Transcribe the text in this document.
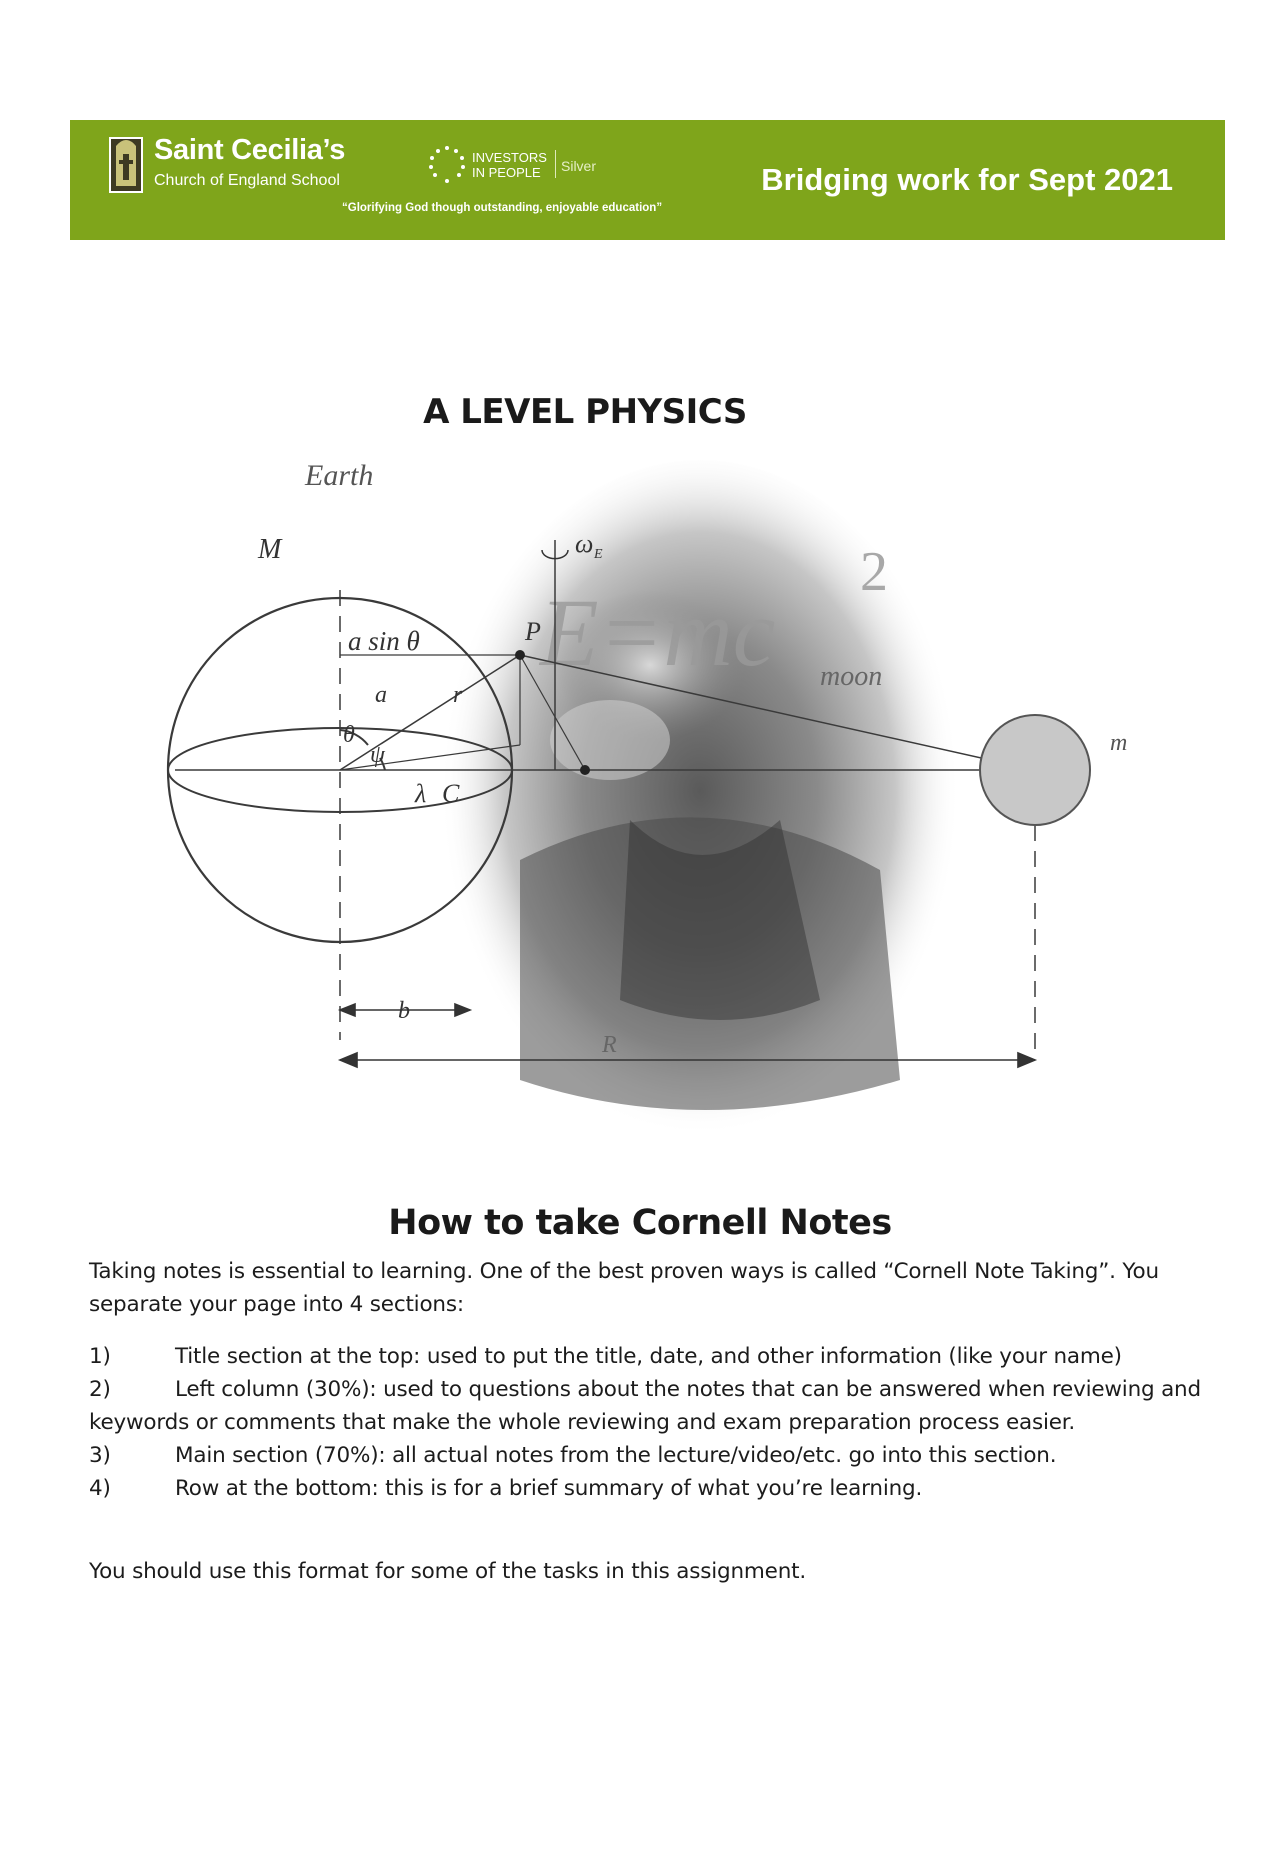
Saint Cecilia’s
Church of England School
INVESTORS
IN PEOPLE	Silver
“Glorifying God though outstanding, enjoyable education”
Bridging work for Sept 2021
A LEVEL PHYSICS
E=mc
2
Earth
M	ω E
a sin θ	P
a	r
θ
ψ
λ C
moon
m
b
R
How to take Cornell Notes
Taking notes is essential to learning. One of the best proven ways is called “Cornell Note Taking”. You separate your page into 4 sections:
1)	Title section at the top: used to put the title, date, and other information (like your name)
2)	Left column (30%): used to questions about the notes that can be answered when reviewing and keywords or comments that make the whole reviewing and exam preparation process easier.
3)	Main section (70%): all actual notes from the lecture/video/etc. go into this section.
4)	Row at the bottom: this is for a brief summary of what you’re learning.
You should use this format for some of the tasks in this assignment.
